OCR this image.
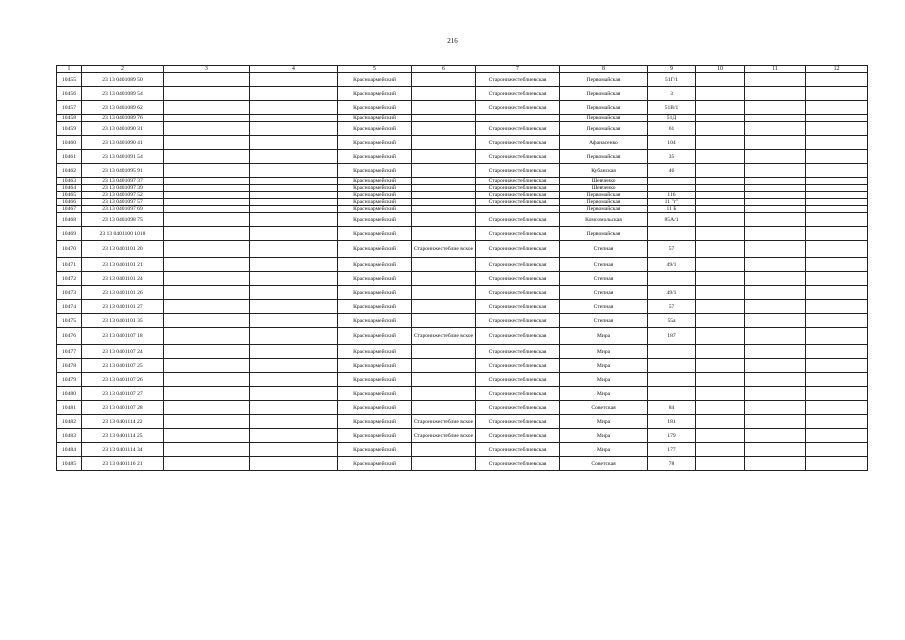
216
1	2	3	4	5	6	7	8	9	10	11	12
10455	23 13 0401089 50			Красноармейский		Старонижестеблиевская	Первомайская	51Г/1			
10456	23 13 0401089 54			Красноармейский		Старонижестеблиевская	Первомайская	3			
10457	23 13 0401089 62			Красноармейский		Старонижестеблиевская	Первомайская	51В/1			
10458	23 13 0401089 76			Красноармейский			Первомайская	51Д			
10459	23 13 0401090 31			Красноармейский		Старонижестеблиевская	Первомайская	61			
10460	23 13 0401090 41			Красноармейский		Старонижестеблиевская	Афанасенко	104			
10461	23 13 0401091 54			Красноармейский		Старонижестеблиевская	Первомайская	35			
10462	23 13 0401095 91			Красноармейский		Старонижестеблиевская	Кубанская	46			
10463	23 13 0401097 37			Красноармейский		Старонижестеблиевская	Шевченко				
10464	23 13 0401097 39			Красноармейский		Старонижестеблиевская	Шевченко				
10465	23 13 0401097 52			Красноармейский		Старонижестеблиевская	Первомайская	116			
10466	23 13 0401097 57			Красноармейский		Старонижестеблиевская	Первомайская	11 "г"			
10467	23 13 0401097 69			Красноармейский			Первомайская	11 Б			
10468	23 13 0401098 75			Красноармейский		Старонижестеблиевская	Комсомольская	85А/1			
10469	23 13 0401100 1018			Красноармейский		Старонижестеблиевская	Первомайская				
10470	23 13 0401101 20			Красноармейский	Старонижестеблие вское	Старонижестеблиевская	Степная	57			
10471	23 13 0401101 21			Красноармейский		Старонижестеблиевская	Степная	49/1			
10472	23 13 0401101 24			Красноармейский		Старонижестеблиевская	Степная				
10473	23 13 0401101 26			Красноармейский		Старонижестеблиевская	Степная	49/1			
10474	23 13 0401101 27			Красноармейский		Старонижестеблиевская	Степная	57			
10475	23 13 0401101 35			Красноармейский		Старонижестеблиевская	Степная	55а			
10476	23 13 0401107 18			Красноармейский	Старонижестеблие вское	Старонижестеблиевская	Мира	187			
10477	23 13 0401107 24			Красноармейский		Старонижестеблиевская	Мира				
10478	23 13 0401107 25			Красноармейский		Старонижестеблиевская	Мира				
10479	23 13 0401107 26			Красноармейский		Старонижестеблиевская	Мира				
10480	23 13 0401107 27			Красноармейский		Старонижестеблиевская	Мира				
10481	23 13 0401107 28			Красноармейский		Старонижестеблиевская	Советская	84			
10482	23 13 0401114 22			Красноармейский	Старонижестеблие вское	Старонижестеблиевская	Мира	181			
10483	23 13 0401114 25			Красноармейский	Старонижестеблие вское	Старонижестеблиевская	Мира	179			
10484	23 13 0401114 34			Красноармейский		Старонижестеблиевская	Мира	177			
10485	23 13 0401116 21			Красноармейский		Старонижестеблиевская	Советская	78			
